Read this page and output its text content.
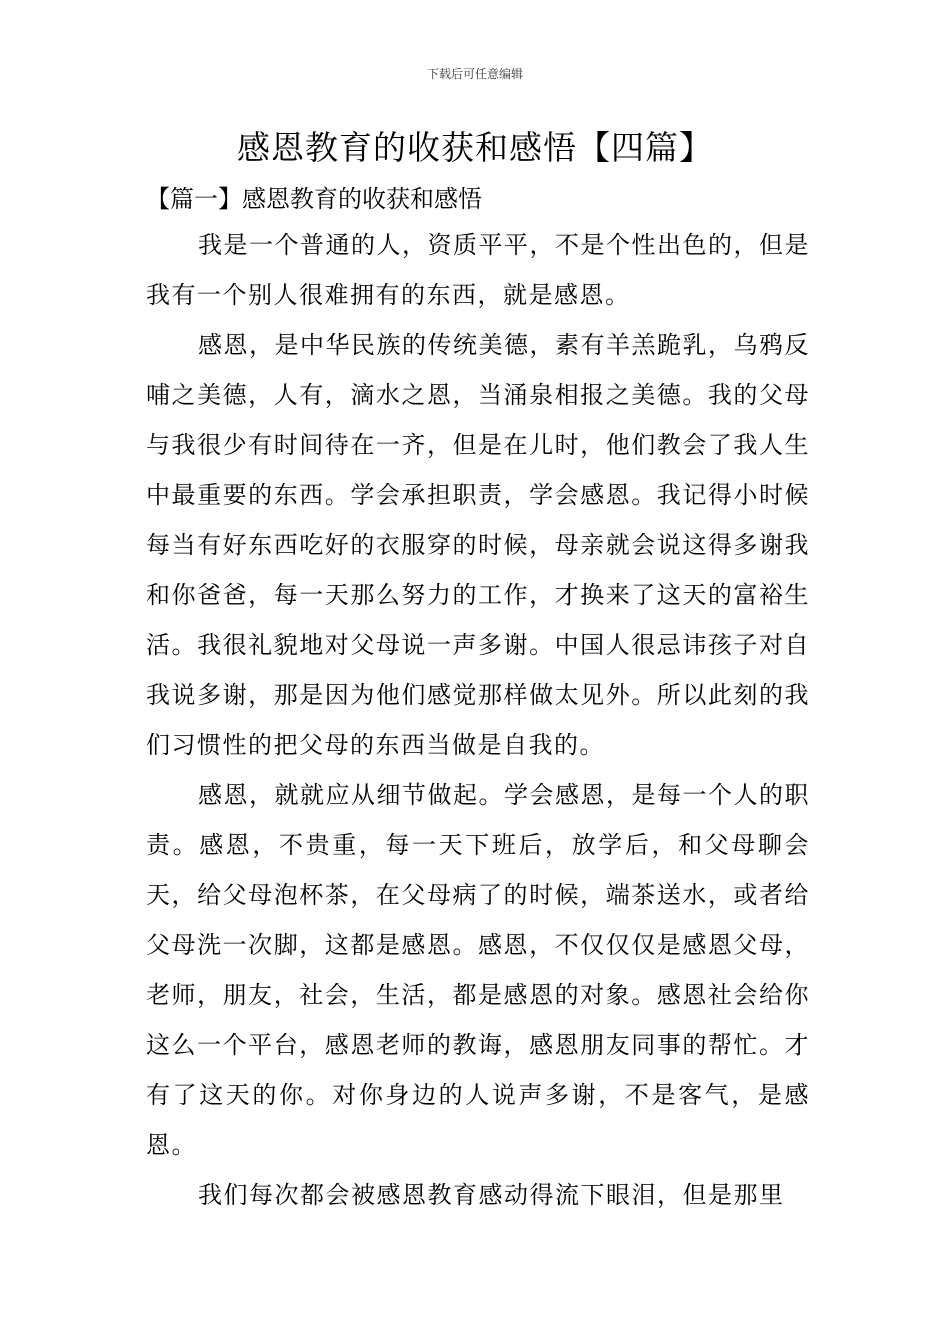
下载后可任意编辑
感恩教育的收获和感悟【四篇】

【篇一】感恩教育的收获和感悟

我是一个普通的人，资质平平，不是个性出色的，但是我有一个别人很难拥有的东西，就是感恩。

感恩，是中华民族的传统美德，素有羊羔跪乳，乌鸦反哺之美德，人有，滴水之恩，当涌泉相报之美德。我的父母与我很少有时间待在一齐，但是在儿时，他们教会了我人生中最重要的东西。学会承担职责，学会感恩。我记得小时候每当有好东西吃好的衣服穿的时候，母亲就会说这得多谢我和你爸爸，每一天那么努力的工作，才换来了这天的富裕生活。我很礼貌地对父母说一声多谢。中国人很忌讳孩子对自我说多谢，那是因为他们感觉那样做太见外。所以此刻的我们习惯性的把父母的东西当做是自我的。

感恩，就就应从细节做起。学会感恩，是每一个人的职责。感恩，不贵重，每一天下班后，放学后，和父母聊会天，给父母泡杯茶，在父母病了的时候，端茶送水，或者给父母洗一次脚，这都是感恩。感恩，不仅仅仅是感恩父母，老师，朋友，社会，生活，都是感恩的对象。感恩社会给你这么一个平台，感恩老师的教诲，感恩朋友同事的帮忙。才有了这天的你。对你身边的人说声多谢，不是客气，是感恩。

我们每次都会被感恩教育感动得流下眼泪，但是那里
